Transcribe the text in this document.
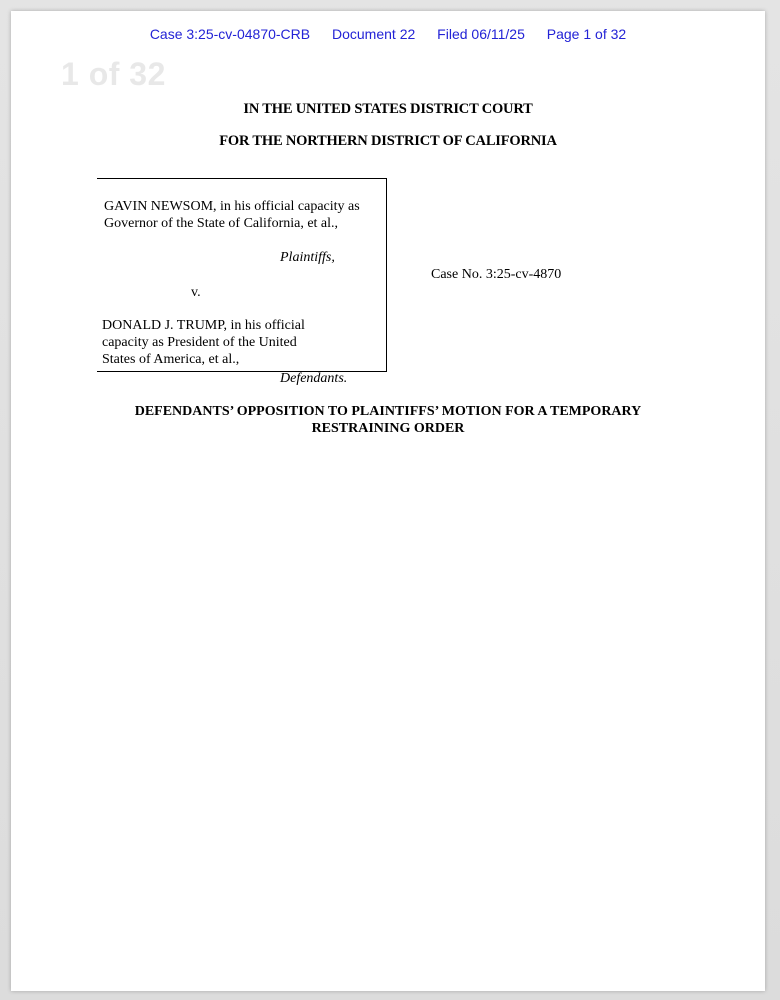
Case 3:25-cv-04870-CRB Document 22 Filed 06/11/25 Page 1 of 32
1 of 32
IN THE UNITED STATES DISTRICT COURT
FOR THE NORTHERN DISTRICT OF CALIFORNIA
GAVIN NEWSOM, in his official capacity as
Governor of the State of California, et al.,
Plaintiffs,
v.
DONALD J. TRUMP, in his official
capacity as President of the United
States of America, et al.,
Defendants.
Case No. 3:25-cv-4870
DEFENDANTS’ OPPOSITION TO PLAINTIFFS’ MOTION FOR A TEMPORARY
RESTRAINING ORDER
